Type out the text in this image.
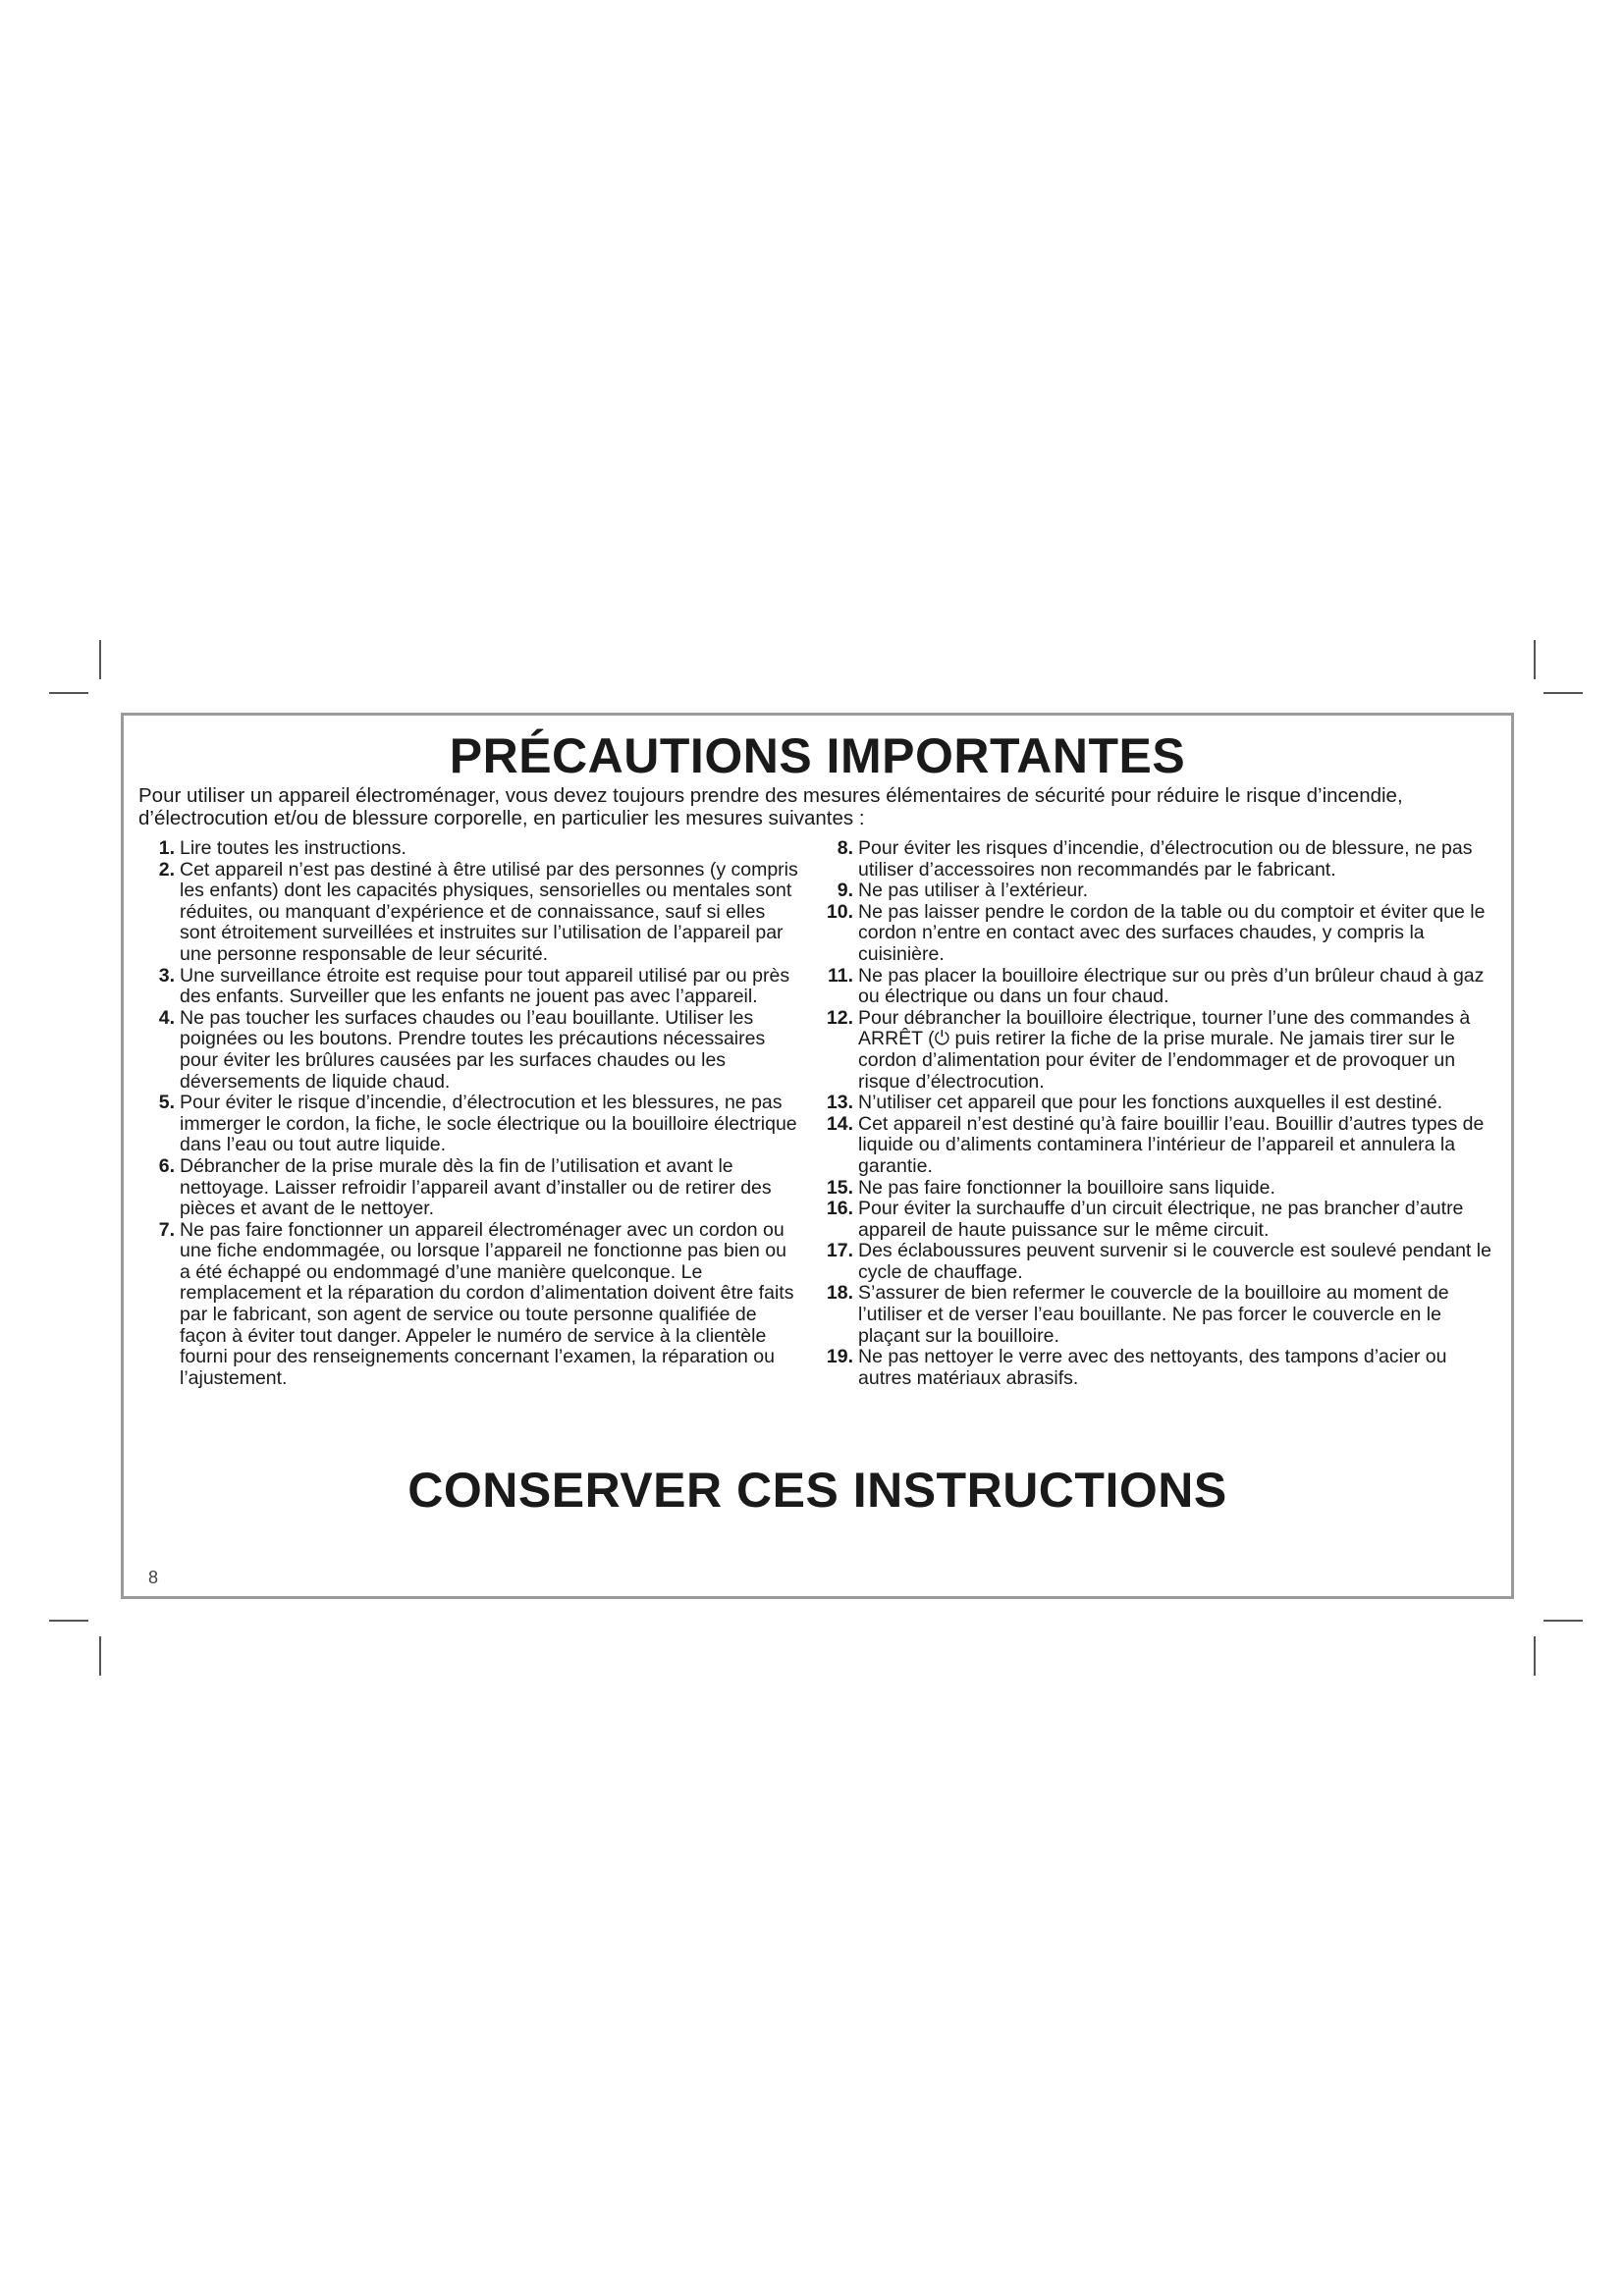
PRÉCAUTIONS IMPORTANTES

Pour utiliser un appareil électroménager, vous devez toujours prendre des mesures élémentaires de sécurité pour réduire le risque d’incendie, d’électrocution et/ou de blessure corporelle, en particulier les mesures suivantes :

1. Lire toutes les instructions.
2. Cet appareil n’est pas destiné à être utilisé par des personnes (y compris les enfants) dont les capacités physiques, sensorielles ou mentales sont réduites, ou manquant d’expérience et de connaissance, sauf si elles sont étroitement surveillées et instruites sur l’utilisation de l’appareil par une personne responsable de leur sécurité.
3. Une surveillance étroite est requise pour tout appareil utilisé par ou près des enfants. Surveiller que les enfants ne jouent pas avec l’appareil.
4. Ne pas toucher les surfaces chaudes ou l’eau bouillante. Utiliser les poignées ou les boutons. Prendre toutes les précautions nécessaires pour éviter les brûlures causées par les surfaces chaudes ou les déversements de liquide chaud.
5. Pour éviter le risque d’incendie, d’électrocution et les blessures, ne pas immerger le cordon, la fiche, le socle électrique ou la bouilloire électrique dans l’eau ou tout autre liquide.
6. Débrancher de la prise murale dès la fin de l’utilisation et avant le nettoyage. Laisser refroidir l’appareil avant d’installer ou de retirer des pièces et avant de le nettoyer.
7. Ne pas faire fonctionner un appareil électroménager avec un cordon ou une fiche endommagée, ou lorsque l’appareil ne fonctionne pas bien ou a été échappé ou endommagé d’une manière quelconque. Le remplacement et la réparation du cordon d’alimentation doivent être faits par le fabricant, son agent de service ou toute personne qualifiée de façon à éviter tout danger. Appeler le numéro de service à la clientèle fourni pour des renseignements concernant l’examen, la réparation ou l’ajustement.
8. Pour éviter les risques d’incendie, d’électrocution ou de blessure, ne pas utiliser d’accessoires non recommandés par le fabricant.
9. Ne pas utiliser à l’extérieur.
10. Ne pas laisser pendre le cordon de la table ou du comptoir et éviter que le cordon n’entre en contact avec des surfaces chaudes, y compris la cuisinière.
11. Ne pas placer la bouilloire électrique sur ou près d’un brûleur chaud à gaz ou électrique ou dans un four chaud.
12. Pour débrancher la bouilloire électrique, tourner l’une des commandes à ARRÊT (⏻ puis retirer la fiche de la prise murale. Ne jamais tirer sur le cordon d’alimentation pour éviter de l’endommager et de provoquer un risque d’électrocution.
13. N’utiliser cet appareil que pour les fonctions auxquelles il est destiné.
14. Cet appareil n’est destiné qu’à faire bouillir l’eau. Bouillir d’autres types de liquide ou d’aliments contaminera l’intérieur de l’appareil et annulera la garantie.
15. Ne pas faire fonctionner la bouilloire sans liquide.
16. Pour éviter la surchauffe d’un circuit électrique, ne pas brancher d’autre appareil de haute puissance sur le même circuit.
17. Des éclaboussures peuvent survenir si le couvercle est soulevé pendant le cycle de chauffage.
18. S’assurer de bien refermer le couvercle de la bouilloire au moment de l’utiliser et de verser l’eau bouillante. Ne pas forcer le couvercle en le plaçant sur la bouilloire.
19. Ne pas nettoyer le verre avec des nettoyants, des tampons d’acier ou autres matériaux abrasifs.
CONSERVER CES INSTRUCTIONS
8
